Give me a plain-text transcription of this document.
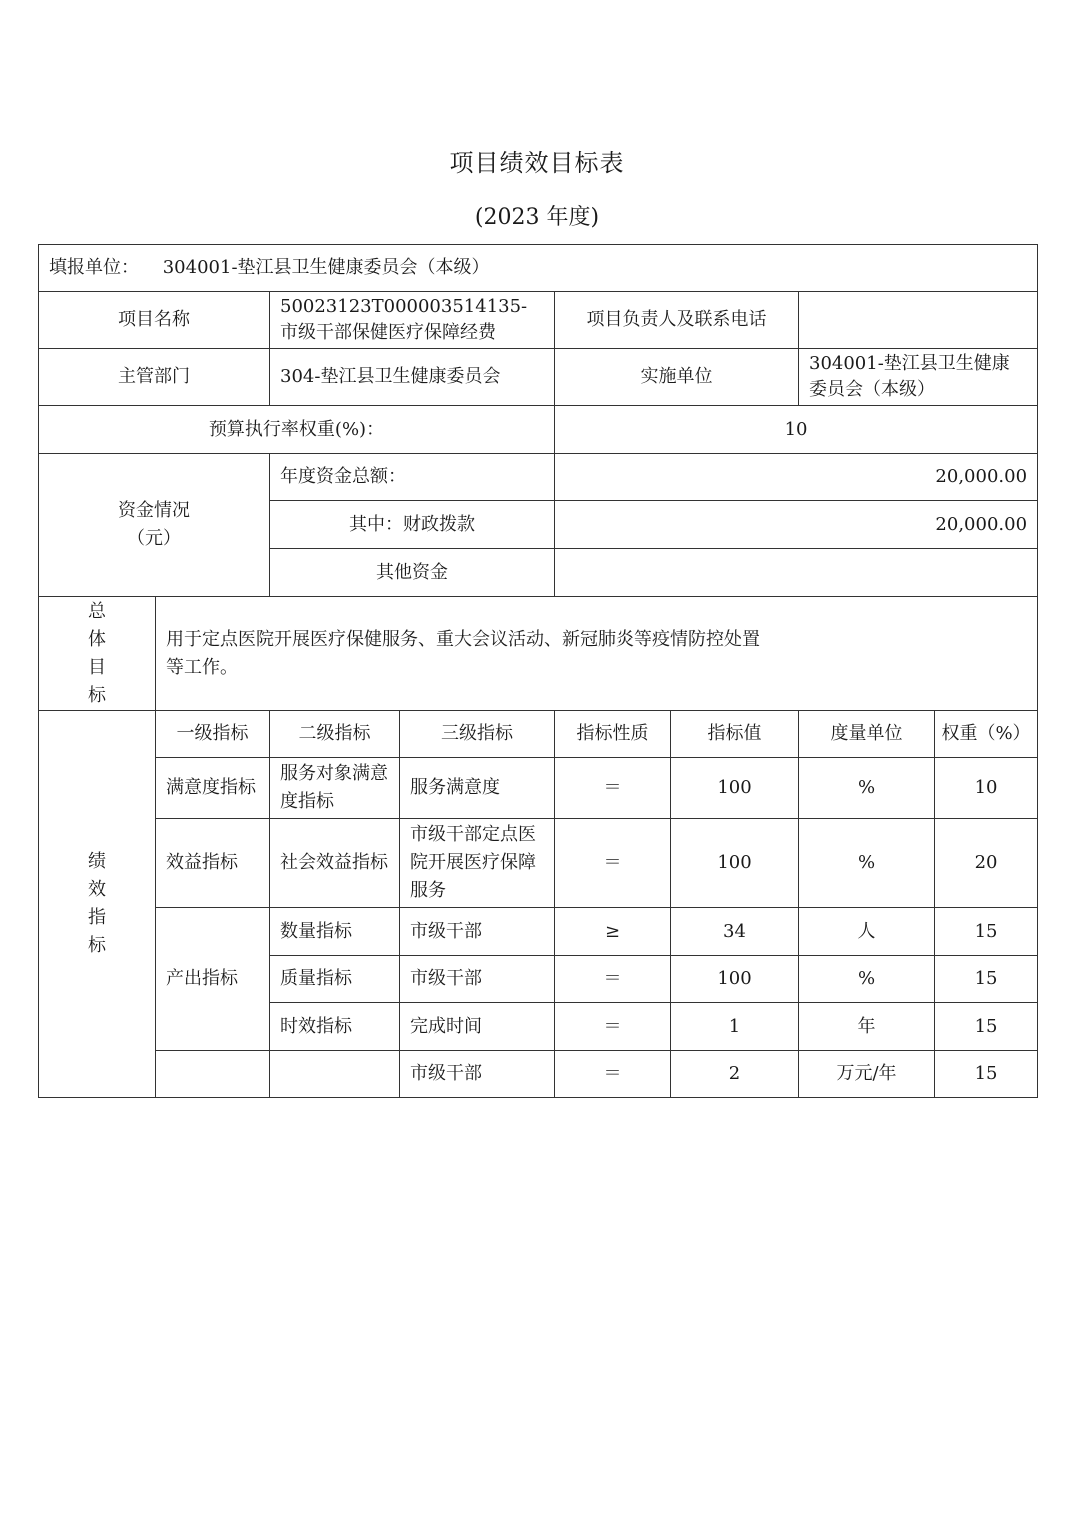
项目绩效目标表
(2023 年度)
填报单位： 304001-垫江县卫生健康委员会（本级）							
项目名称		50023123T000003514135-市级干部保健医疗保障经费		项目负责人及联系电话			
主管部门		304-垫江县卫生健康委员会		实施单位		304001-垫江县卫生健康委员会（本级）	
预算执行率权重(%)：				10			

资金情况
（元）		年度资金总额：		20,000.00			
		其中：财政拨款		20,000.00			
		其他资金					

总
体
目
标	用于定点医院开展医疗保健服务、重大会议活动、新冠肺炎等疫情防控处置等工作。						

绩
效
指
标	一级指标	二级指标	三级指标	指标性质	指标值	度量单位	权重（%）
	满意度指标	服务对象满意度指标	服务满意度	＝	100	%	10
	效益指标	社会效益指标	市级干部定点医院开展医疗保障服务	＝	100	%	20
	产出指标	数量指标	市级干部	≥	34	人	15
		质量指标	市级干部	＝	100	%	15
		时效指标	完成时间	＝	1	年	15
			市级干部	＝	2	万元/年	15
